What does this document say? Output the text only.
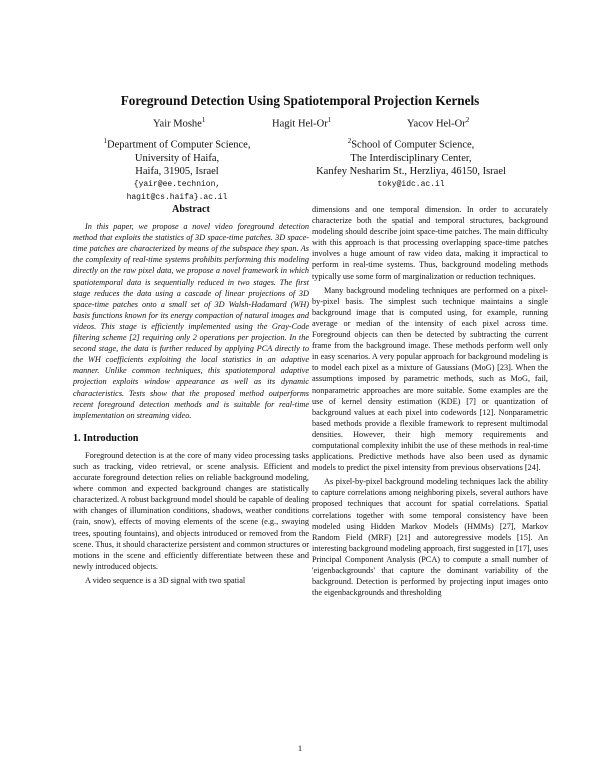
Foreground Detection Using Spatiotemporal Projection Kernels
Yair Moshe$^1$	Hagit Hel-Or$^1$	Yacov Hel-Or$^2$
$^1$Department of Computer Science,
University of Haifa,
Haifa, 31905, Israel
{yair@ee.technion, hagit@cs.haifa}.ac.il
$^2$School of Computer Science,
The Interdisciplinary Center,
Kanfey Nesharim St., Herzliya, 46150, Israel
toky@idc.ac.il
Abstract

In this paper, we propose a novel video foreground detection method that exploits the statistics of 3D space-time patches. 3D space-time patches are characterized by means of the subspace they span. As the complexity of real-time systems prohibits performing this modeling directly on the raw pixel data, we propose a novel framework in which spatiotemporal data is sequentially reduced in two stages. The first stage reduces the data using a cascade of linear projections of 3D space-time patches onto a small set of 3D Walsh-Hadamard (WH) basis functions known for its energy compaction of natural images and videos. This stage is efficiently implemented using the Gray-Code filtering scheme [2] requiring only 2 operations per projection. In the second stage, the data is further reduced by applying PCA directly to the WH coefficients exploiting the local statistics in an adaptive manner. Unlike common techniques, this spatiotemporal adaptive projection exploits window appearance as well as its dynamic characteristics. Tests show that the proposed method outperforms recent foreground detection methods and is suitable for real-time implementation on streaming video.

1. Introduction

Foreground detection is at the core of many video processing tasks such as tracking, video retrieval, or scene analysis. Efficient and accurate foreground detection relies on reliable background modeling, where common and expected background changes are statistically characterized. A robust background model should be capable of dealing with changes of illumination conditions, shadows, weather conditions (rain, snow), effects of moving elements of the scene (e.g., swaying trees, spouting fountains), and objects introduced or removed from the scene. Thus, it should characterize persistent and common structures or motions in the scene and efficiently differentiate between these and newly introduced objects.

A video sequence is a 3D signal with two spatial

dimensions and one temporal dimension. In order to accurately characterize both the spatial and temporal structures, background modeling should describe joint space-time patches. The main difficulty with this approach is that processing overlapping space-time patches involves a huge amount of raw video data, making it impractical to perform in real-time systems. Thus, background modeling methods typically use some form of marginalization or reduction techniques.

Many background modeling techniques are performed on a pixel-by-pixel basis. The simplest such technique maintains a single background image that is computed using, for example, running average or median of the intensity of each pixel across time. Foreground objects can then be detected by subtracting the current frame from the background image. These methods perform well only in easy scenarios. A very popular approach for background modeling is to model each pixel as a mixture of Gaussians (MoG) [23]. When the assumptions imposed by parametric methods, such as MoG, fail, nonparametric approaches are more suitable. Some examples are the use of kernel density estimation (KDE) [7] or quantization of background values at each pixel into codewords [12]. Nonparametric based methods provide a flexible framework to represent multimodal densities. However, their high memory requirements and computational complexity inhibit the use of these methods in real-time applications. Predictive methods have also been used as dynamic models to predict the pixel intensity from previous observations [24].

As pixel-by-pixel background modeling techniques lack the ability to capture correlations among neighboring pixels, several authors have proposed techniques that account for spatial correlations. Spatial correlations together with some temporal consistency have been modeled using Hidden Markov Models (HMMs) [27], Markov Random Field (MRF) [21] and autoregressive models [15]. An interesting background modeling approach, first suggested in [17], uses Principal Component Analysis (PCA) to compute a small number of 'eigenbackgrounds' that capture the dominant variability of the background. Detection is performed by projecting input images onto the eigenbackgrounds and thresholding

1
